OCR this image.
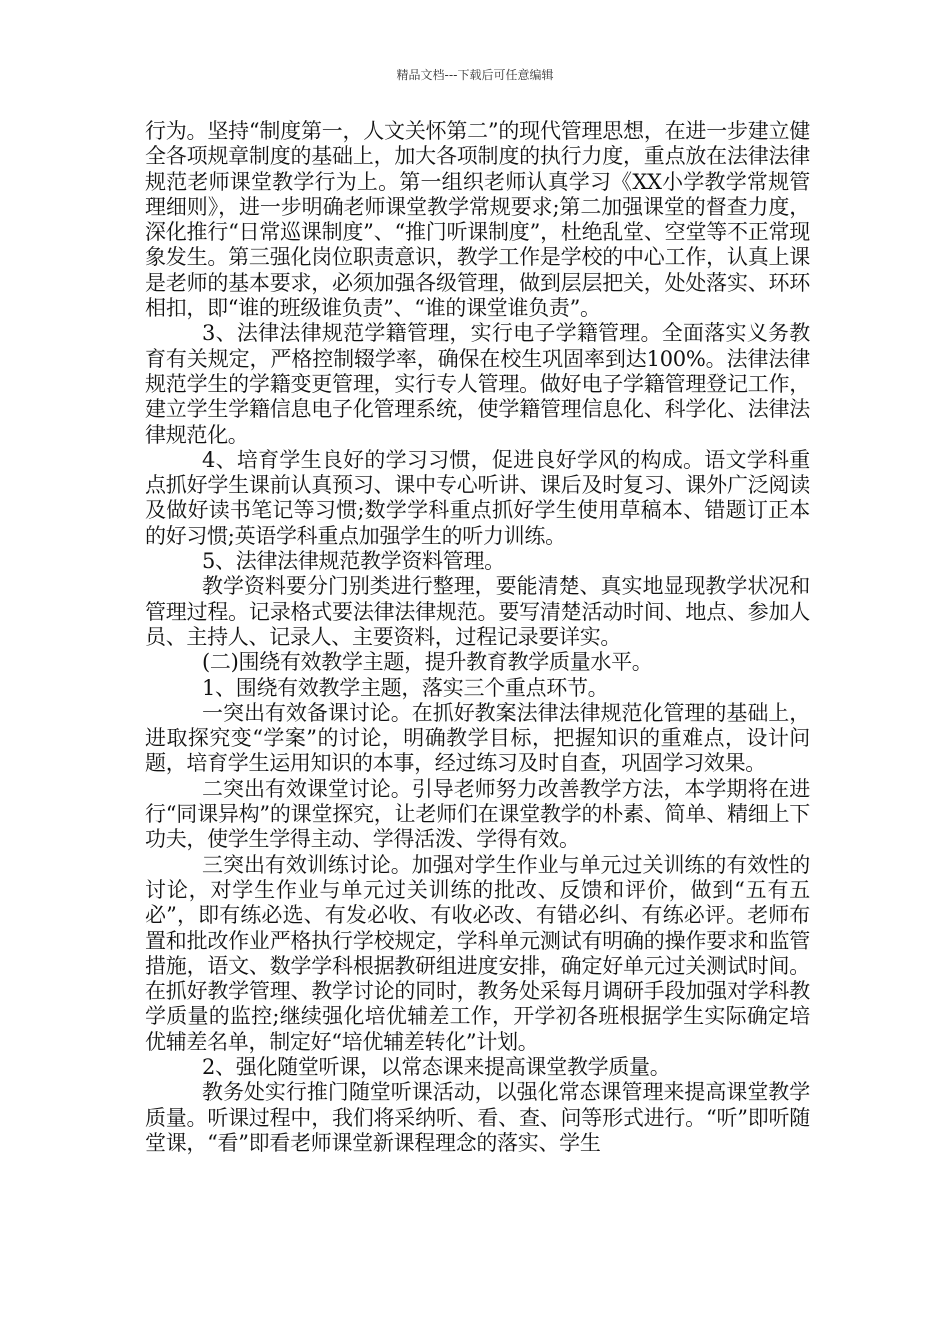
精品文档---下载后可任意编辑

行为。坚持“制度第一，人文关怀第二”的现代管理思想，在进一步建立健全各项规章制度的基础上，加大各项制度的执行力度，重点放在法律法律规范老师课堂教学行为上。第一组织老师认真学习《XX小学教学常规管理细则》，进一步明确老师课堂教学常规要求;第二加强课堂的督查力度，深化推行“日常巡课制度”、“推门听课制度”，杜绝乱堂、空堂等不正常现象发生。第三强化岗位职责意识，教学工作是学校的中心工作，认真上课是老师的基本要求，必须加强各级管理，做到层层把关，处处落实、环环相扣，即“谁的班级谁负责”、“谁的课堂谁负责”。

3、法律法律规范学籍管理，实行电子学籍管理。全面落实义务教育有关规定，严格控制辍学率，确保在校生巩固率到达100%。法律法律规范学生的学籍变更管理，实行专人管理。做好电子学籍管理登记工作，建立学生学籍信息电子化管理系统，使学籍管理信息化、科学化、法律法律规范化。

4、培育学生良好的学习习惯，促进良好学风的构成。语文学科重点抓好学生课前认真预习、课中专心听讲、课后及时复习、课外广泛阅读及做好读书笔记等习惯;数学学科重点抓好学生使用草稿本、错题订正本的好习惯;英语学科重点加强学生的听力训练。

5、法律法律规范教学资料管理。

教学资料要分门别类进行整理，要能清楚、真实地显现教学状况和管理过程。记录格式要法律法律规范。要写清楚活动时间、地点、参加人员、主持人、记录人、主要资料，过程记录要详实。

(二)围绕有效教学主题，提升教育教学质量水平。

1、围绕有效教学主题，落实三个重点环节。

一突出有效备课讨论。在抓好教案法律法律规范化管理的基础上，进取探究变“学案”的讨论，明确教学目标，把握知识的重难点，设计问题，培育学生运用知识的本事，经过练习及时自查，巩固学习效果。

二突出有效课堂讨论。引导老师努力改善教学方法，本学期将在进行“同课异构”的课堂探究，让老师们在课堂教学的朴素、简单、精细上下功夫，使学生学得主动、学得活泼、学得有效。

三突出有效训练讨论。加强对学生作业与单元过关训练的有效性的讨论，对学生作业与单元过关训练的批改、反馈和评价，做到“五有五必”，即有练必选、有发必收、有收必改、有错必纠、有练必评。老师布置和批改作业严格执行学校规定，学科单元测试有明确的操作要求和监管措施，语文、数学学科根据教研组进度安排，确定好单元过关测试时间。在抓好教学管理、教学讨论的同时，教务处采每月调研手段加强对学科教学质量的监控;继续强化培优辅差工作，开学初各班根据学生实际确定培优辅差名单，制定好“培优辅差转化”计划。

2、强化随堂听课，以常态课来提高课堂教学质量。

教务处实行推门随堂听课活动，以强化常态课管理来提高课堂教学质量。听课过程中，我们将采纳听、看、查、问等形式进行。“听”即听随堂课，“看”即看老师课堂新课程理念的落实、学生
